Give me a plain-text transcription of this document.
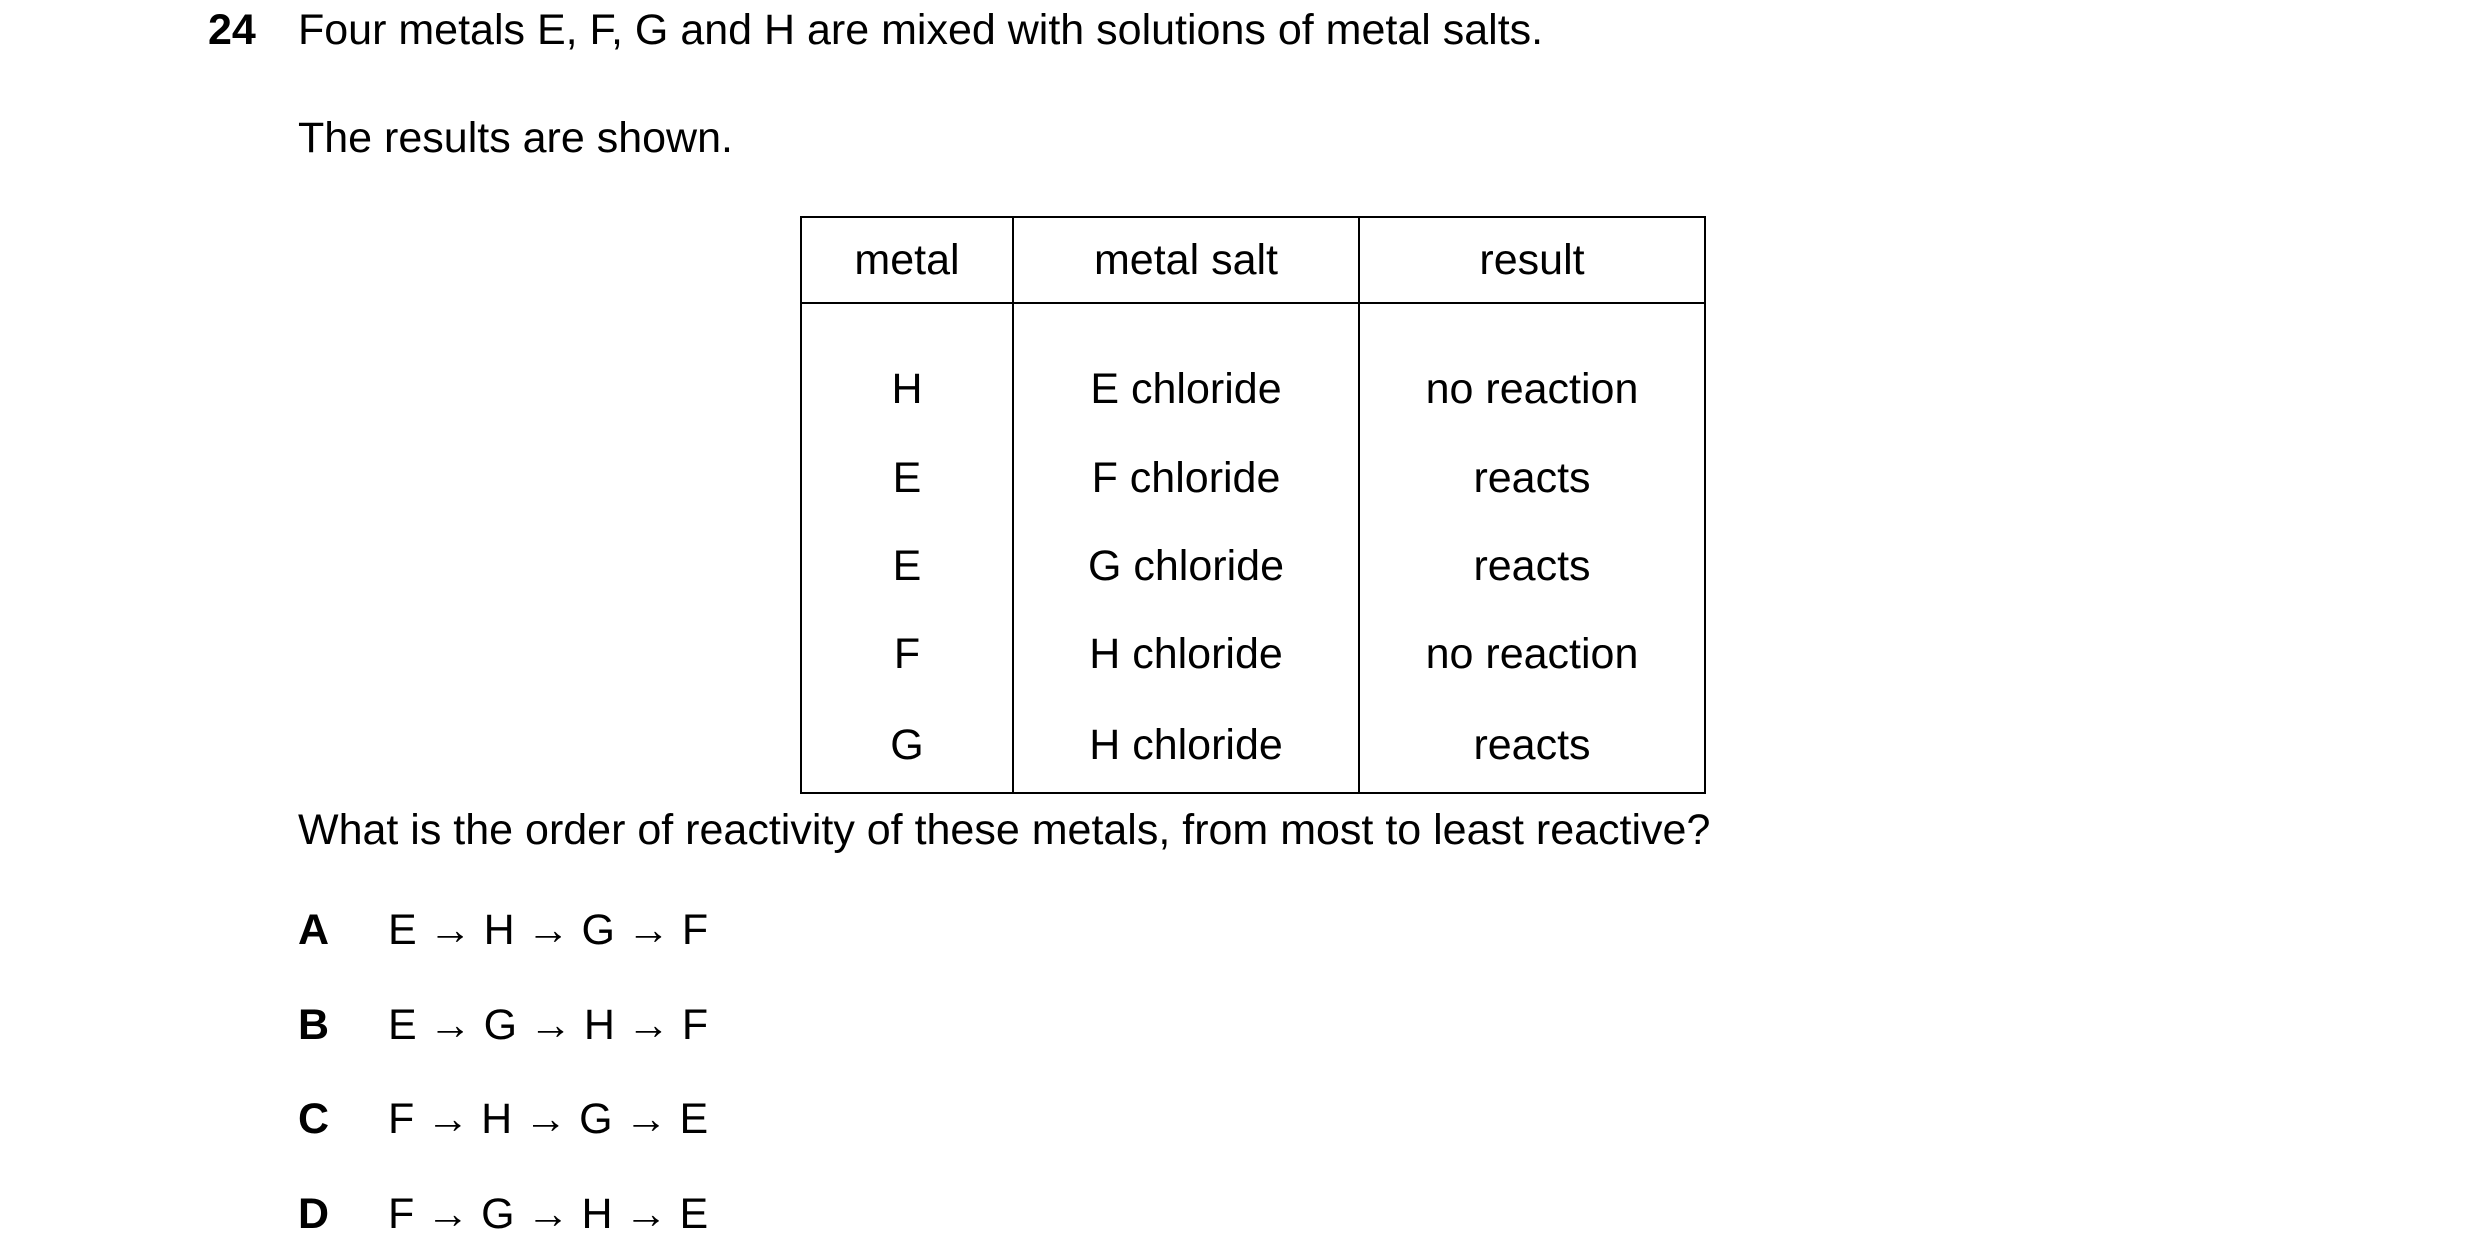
24 Four metals E, F, G and H are mixed with solutions of metal salts.
The results are shown.
metal	metal salt	result
H	E chloride	no reaction
E	F chloride	reacts
E	G chloride	reacts
F	H chloride	no reaction
G	H chloride	reacts
What is the order of reactivity of these metals, from most to least reactive?
A E → H → G → F
B E → G → H → F
C F → H → G → E
D F → G → H → E
